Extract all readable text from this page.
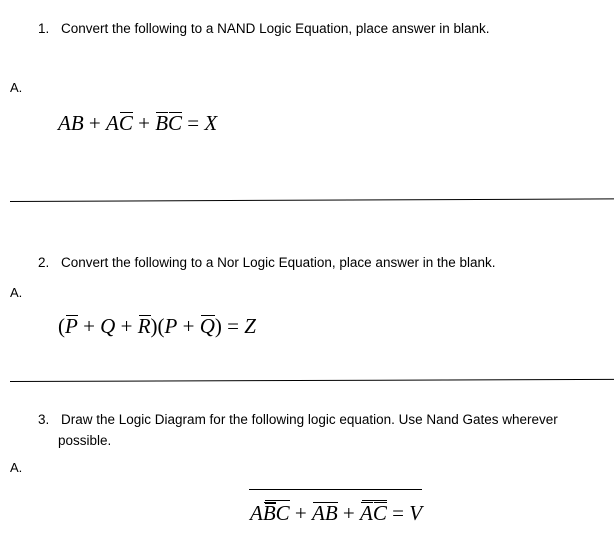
1. Convert the following to a NAND Logic Equation, place answer in blank.
A.
AB + AC + BC = X
2. Convert the following to a Nor Logic Equation, place answer in the blank.
A.
(P + Q + R)(P + Q) = Z
3. Draw the Logic Diagram for the following logic equation. Use Nand Gates wherever
possible.
A.
ABC + AB + AC = V
